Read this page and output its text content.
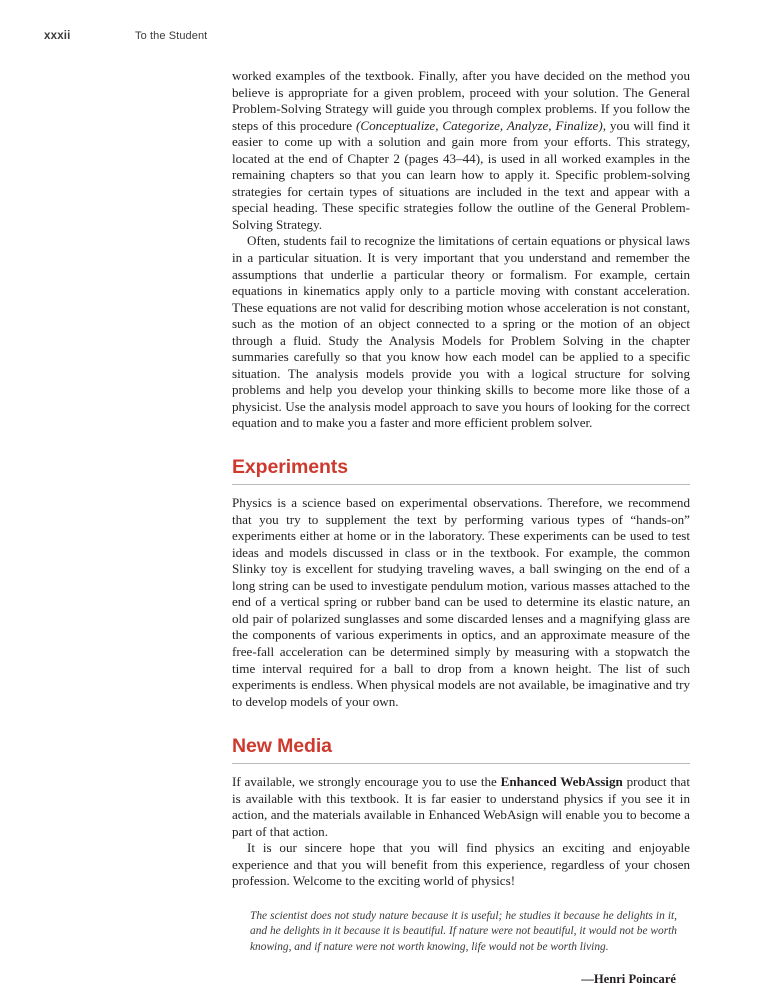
xxxii	To the Student

worked examples of the textbook. Finally, after you have decided on the method you believe is appropriate for a given problem, proceed with your solution. The General Problem-Solving Strategy will guide you through complex problems. If you follow the steps of this procedure (Conceptualize, Categorize, Analyze, Finalize), you will find it easier to come up with a solution and gain more from your efforts. This strategy, located at the end of Chapter 2 (pages 43–44), is used in all worked examples in the remaining chapters so that you can learn how to apply it. Specific problem-solving strategies for certain types of situations are included in the text and appear with a special heading. These specific strategies follow the outline of the General Problem-Solving Strategy.

Often, students fail to recognize the limitations of certain equations or physical laws in a particular situation. It is very important that you understand and remember the assumptions that underlie a particular theory or formalism. For example, certain equations in kinematics apply only to a particle moving with constant acceleration. These equations are not valid for describing motion whose acceleration is not constant, such as the motion of an object connected to a spring or the motion of an object through a fluid. Study the Analysis Models for Problem Solving in the chapter summaries carefully so that you know how each model can be applied to a specific situation. The analysis models provide you with a logical structure for solving problems and help you develop your thinking skills to become more like those of a physicist. Use the analysis model approach to save you hours of looking for the correct equation and to make you a faster and more efficient problem solver.

Experiments

Physics is a science based on experimental observations. Therefore, we recommend that you try to supplement the text by performing various types of “hands-on” experiments either at home or in the laboratory. These experiments can be used to test ideas and models discussed in class or in the textbook. For example, the common Slinky toy is excellent for studying traveling waves, a ball swinging on the end of a long string can be used to investigate pendulum motion, various masses attached to the end of a vertical spring or rubber band can be used to determine its elastic nature, an old pair of polarized sunglasses and some discarded lenses and a magnifying glass are the components of various experiments in optics, and an approximate measure of the free-fall acceleration can be determined simply by measuring with a stopwatch the time interval required for a ball to drop from a known height. The list of such experiments is endless. When physical models are not available, be imaginative and try to develop models of your own.

New Media

If available, we strongly encourage you to use the Enhanced WebAssign product that is available with this textbook. It is far easier to understand physics if you see it in action, and the materials available in Enhanced WebAsign will enable you to become a part of that action.

It is our sincere hope that you will find physics an exciting and enjoyable experience and that you will benefit from this experience, regardless of your chosen profession. Welcome to the exciting world of physics!

The scientist does not study nature because it is useful; he studies it because he delights in it, and he delights in it because it is beautiful. If nature were not beautiful, it would not be worth knowing, and if nature were not worth knowing, life would not be worth living.

—Henri Poincaré
